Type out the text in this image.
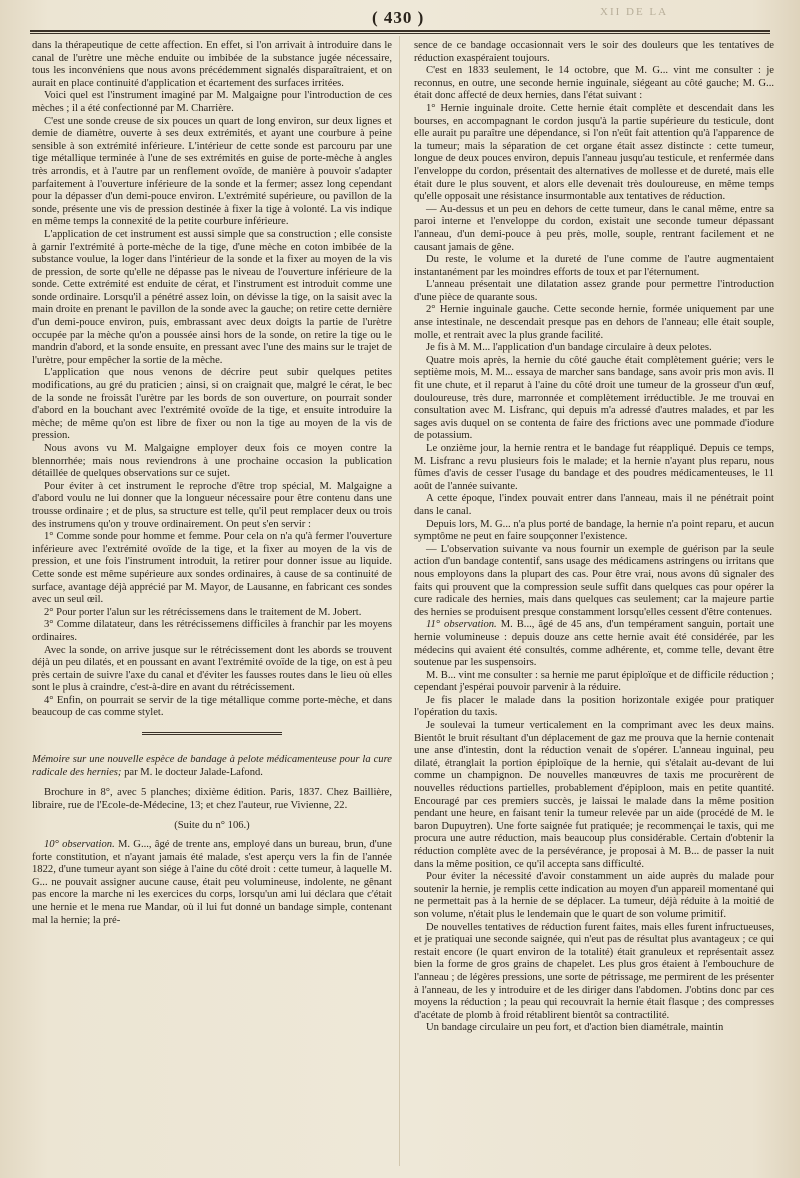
XII DE LA
( 430 )

dans la thérapeutique de cette affection. En effet, si l'on arrivait à introduire dans le canal de l'urètre une mèche enduite ou imbibée de la substance jugée nécessaire, tous les inconvéniens que nous avons précédemment signalés disparaîtraient, et on aurait en place continuité d'application et écartement des surfaces irritées.

Voici quel est l'instrument imaginé par M. Malgaigne pour l'introduction de ces mèches ; il a été confectionné par M. Charrière.

C'est une sonde creuse de six pouces un quart de long environ, sur deux lignes et demie de diamètre, ouverte à ses deux extrémités, et ayant une courbure à peine sensible à son extrémité inférieure. L'intérieur de cette sonde est parcouru par une tige métallique terminée à l'une de ses extrémités en guise de porte-mèche à angles très arrondis, et à l'autre par un renflement ovoïde, de manière à pouvoir s'adapter parfaitement à l'ouverture inférieure de la sonde et la fermer; assez long cependant pour la dépasser d'un demi-pouce environ. L'extrémité supérieure, ou pavillon de la sonde, présente une vis de pression destinée à fixer la tige à volonté. La vis indique en même temps la connexité de la petite courbure inférieure.

L'application de cet instrument est aussi simple que sa construction ; elle consiste à garnir l'extrémité à porte-mèche de la tige, d'une mèche en coton imbibée de la substance voulue, la loger dans l'intérieur de la sonde et la fixer au moyen de la vis de pression, de sorte qu'elle ne dépasse pas le niveau de l'ouverture inférieure de la sonde. Cette extrémité est enduite de cérat, et l'instrument est introduit comme une sonde ordinaire. Lorsqu'il a pénétré assez loin, on dévisse la tige, on la saisit avec la main droite en prenant le pavillon de la sonde avec la gauche; on retire cette dernière d'un demi-pouce environ, puis, embrassant avec deux doigts la partie de l'urètre occupée par la mèche qu'on a poussée ainsi hors de la sonde, on retire la tige ou le mandrin d'abord, et la sonde ensuite, en pressant avec l'une des mains sur le trajet de l'urètre, pour empêcher la sortie de la mèche.

L'application que nous venons de décrire peut subir quelques petites modifications, au gré du praticien ; ainsi, si on craignait que, malgré le cérat, le bec de la sonde ne froissât l'urètre par les bords de son ouverture, on pourrait sonder d'abord en la bouchant avec l'extrémité ovoïde de la tige, et ensuite introduire la mèche; de même qu'on est libre de fixer ou non la tige au moyen de la vis de pression.

Nous avons vu M. Malgaigne employer deux fois ce moyen contre la blennorrhée; mais nous reviendrons à une prochaine occasion la publication détaillée de quelques observations sur ce sujet.

Pour éviter à cet instrument le reproche d'être trop spécial, M. Malgaigne a d'abord voulu ne lui donner que la longueur nécessaire pour être contenu dans une trousse ordinaire ; et de plus, sa structure est telle, qu'il peut remplacer deux ou trois des instrumens qu'on y trouve ordinairement. On peut s'en servir :

1° Comme sonde pour homme et femme. Pour cela on n'a qu'à fermer l'ouverture inférieure avec l'extrémité ovoïde de la tige, et la fixer au moyen de la vis de pression, et une fois l'instrument introduit, la retirer pour donner issue au liquide. Cette sonde est même supérieure aux sondes ordinaires, à cause de sa continuité de surface, avantage déjà apprécié par M. Mayor, de Lausanne, en fabricant ces sondes avec un seul œil.

2° Pour porter l'alun sur les rétrécissemens dans le traitement de M. Jobert.

3° Comme dilatateur, dans les rétrécissemens difficiles à franchir par les moyens ordinaires.

Avec la sonde, on arrive jusque sur le rétrécissement dont les abords se trouvent déjà un peu dilatés, et en poussant en avant l'extrémité ovoïde de la tige, on est à peu près certain de suivre l'axe du canal et d'éviter les fausses routes dans le lieu où elles sont le plus à craindre, c'est-à-dire en avant du rétrécissement.

4° Enfin, on pourrait se servir de la tige métallique comme porte-mèche, et dans beaucoup de cas comme stylet.

Mémoire sur une nouvelle espèce de bandage à pelote médicamenteuse pour la cure radicale des hernies; par M. le docteur Jalade-Lafond.

Brochure in 8°, avec 5 planches; dixième édition. Paris, 1837. Chez Baillière, libraire, rue de l'Ecole-de-Médecine, 13; et chez l'auteur, rue Vivienne, 22.

(Suite du n° 106.)

10° observation. M. G..., âgé de trente ans, employé dans un bureau, brun, d'une forte constitution, et n'ayant jamais été malade, s'est aperçu vers la fin de l'année 1822, d'une tumeur ayant son siége à l'aine du côté droit : cette tumeur, à laquelle M. G... ne pouvait assigner aucune cause, était peu volumineuse, indolente, ne gênant pas encore la marche ni les exercices du corps, lorsqu'un ami lui déclara que c'était une hernie et le mena rue Mandar, où il lui fut donné un bandage simple, contenant mal la hernie; la pré-

sence de ce bandage occasionnait vers le soir des douleurs que les tentatives de réduction exaspéraient toujours.

C'est en 1833 seulement, le 14 octobre, que M. G... vint me consulter : je reconnus, en outre, une seconde hernie inguinale, siégeant au côté gauche; M. G... était donc affecté de deux hernies, dans l'état suivant :

1° Hernie inguinale droite. Cette hernie était complète et descendait dans les bourses, en accompagnant le cordon jusqu'à la partie supérieure du testicule, dont elle aurait pu paraître une dépendance, si l'on n'eût fait attention qu'à l'apparence de la tumeur; mais la séparation de cet organe était assez distincte : cette tumeur, longue de deux pouces environ, depuis l'anneau jusqu'au testicule, et renfermée dans l'enveloppe du cordon, présentait des alternatives de mollesse et de dureté, mais elle était dure le plus souvent, et alors elle devenait très douloureuse, en même temps qu'elle opposait une résistance insurmontable aux tentatives de réduction.

— Au-dessus et un peu en dehors de cette tumeur, dans le canal même, entre sa paroi interne et l'enveloppe du cordon, existait une seconde tumeur dépassant l'anneau, d'un demi-pouce à peu près, molle, souple, rentrant facilement et ne causant jamais de gêne.

Du reste, le volume et la dureté de l'une comme de l'autre augmentaient instantanément par les moindres efforts de toux et par l'éternument.

L'anneau présentait une dilatation assez grande pour permettre l'introduction d'une pièce de quarante sous.

2° Hernie inguinale gauche. Cette seconde hernie, formée uniquement par une anse intestinale, ne descendait presque pas en dehors de l'anneau; elle était souple, molle, et rentrait avec la plus grande facilité.

Je fis à M. M... l'application d'un bandage circulaire à deux pelotes.

Quatre mois après, la hernie du côté gauche était complètement guérie; vers le septième mois, M. M... essaya de marcher sans bandage, sans avoir pris mon avis. Il fit une chute, et il reparut à l'aine du côté droit une tumeur de la grosseur d'un œuf, douloureuse, très dure, marronnée et complètement irréductible. Je me trouvai en consultation avec M. Lisfranc, qui depuis m'a adressé d'autres malades, et par les sages avis duquel on se contenta de faire des frictions avec une pommade d'iodure de potassium.

Le onzième jour, la hernie rentra et le bandage fut réappliqué. Depuis ce temps, M. Lisfranc a revu plusieurs fois le malade; et la hernie n'ayant plus reparu, nous fûmes d'avis de cesser l'usage du bandage et des poudres médicamenteuses, le 11 août de l'année suivante.

A cette époque, l'index pouvait entrer dans l'anneau, mais il ne pénétrait point dans le canal.

Depuis lors, M. G... n'a plus porté de bandage, la hernie n'a point reparu, et aucun symptôme ne peut en faire soupçonner l'existence.

— L'observation suivante va nous fournir un exemple de guérison par la seule action d'un bandage contentif, sans usage des médicamens astringens ou irritans que nous employons dans la plupart des cas. Pour être vrai, nous avons dû signaler des faits qui prouvent que la compression seule suffit dans quelques cas pour opérer la cure radicale des hernies, mais dans quelques cas seulement; car la majeure partie des hernies se produisent presque constamment lorsqu'elles cessent d'être contenues.

11° observation. M. B..., âgé de 45 ans, d'un tempérament sanguin, portait une hernie volumineuse : depuis douze ans cette hernie avait été considérée, par les médecins qui avaient été consultés, comme adhérente, et, comme telle, devant être soutenue par les suspensoirs.

M. B... vint me consulter : sa hernie me parut épiploïque et de difficile réduction ; cependant j'espérai pouvoir parvenir à la réduire.

Je fis placer le malade dans la position horizontale exigée pour pratiquer l'opération du taxis.

Je soulevai la tumeur verticalement en la comprimant avec les deux mains. Bientôt le bruit résultant d'un déplacement de gaz me prouva que la hernie contenait une anse d'intestin, dont la réduction venait de s'opérer. L'anneau inguinal, peu dilaté, étranglait la portion épiploïque de la hernie, qui s'étalait au-devant de lui comme un champignon. De nouvelles manœuvres de taxis me procurèrent de nouvelles réductions partielles, probablement d'épiploon, mais en petite quantité. Encouragé par ces premiers succès, je laissai le malade dans la même position pendant une heure, en faisant tenir la tumeur relevée par un aide (procédé de M. le baron Dupuytren). Une forte saignée fut pratiquée; je recommençai le taxis, qui me procura une autre réduction, mais beaucoup plus considérable. Certain d'obtenir la réduction complète avec de la persévérance, je proposai à M. B... de passer la nuit dans la même position, ce qu'il accepta sans difficulté.

Pour éviter la nécessité d'avoir constamment un aide auprès du malade pour soutenir la hernie, je remplis cette indication au moyen d'un appareil momentané qui ne permettait pas à la hernie de se déplacer. La tumeur, déjà réduite à la moitié de son volume, n'était plus le lendemain que le quart de son volume primitif.

De nouvelles tentatives de réduction furent faites, mais elles furent infructueuses, et je pratiquai une seconde saignée, qui n'eut pas de résultat plus avantageux ; ce qui restait encore (le quart environ de la totalité) était granuleux et représentait assez bien la forme de gros grains de chapelet. Les plus gros étaient à l'embouchure de l'anneau ; de légères pressions, une sorte de pétrissage, me permirent de les présenter à l'anneau, de les y introduire et de les diriger dans l'abdomen. J'obtins donc par ces moyens la réduction ; la peau qui recouvrait la hernie était flasque ; des compresses d'acétate de plomb à froid rétablirent bientôt sa contractilité.

Un bandage circulaire un peu fort, et d'action bien diamétrale, maintin
